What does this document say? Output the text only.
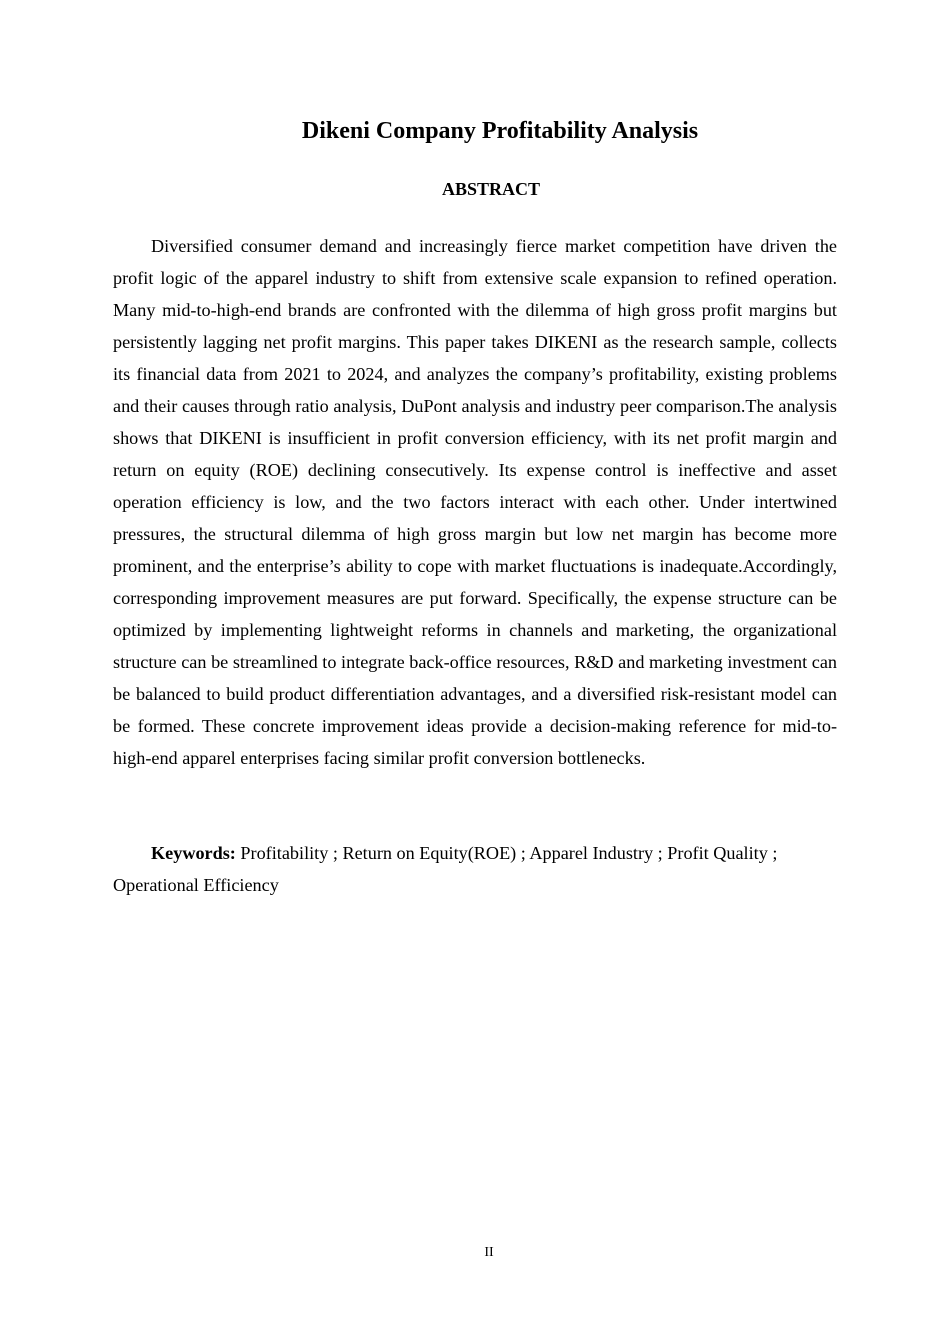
Dikeni Company Profitability Analysis
ABSTRACT

Diversified consumer demand and increasingly fierce market competition have driven the profit logic of the apparel industry to shift from extensive scale expansion to refined operation. Many mid-to-high-end brands are confronted with the dilemma of high gross profit margins but persistently lagging net profit margins. This paper takes DIKENI as the research sample, collects its financial data from 2021 to 2024, and analyzes the company’s profitability, existing problems and their causes through ratio analysis, DuPont analysis and industry peer comparison.The analysis shows that DIKENI is insufficient in profit conversion efficiency, with its net profit margin and return on equity (ROE) declining consecutively. Its expense control is ineffective and asset operation efficiency is low, and the two factors interact with each other. Under intertwined pressures, the structural dilemma of high gross margin but low net margin has become more prominent, and the enterprise’s ability to cope with market fluctuations is inadequate.Accordingly, corresponding improvement measures are put forward. Specifically, the expense structure can be optimized by implementing lightweight reforms in channels and marketing, the organizational structure can be streamlined to integrate back-office resources, R&D and marketing investment can be balanced to build product differentiation advantages, and a diversified risk-resistant model can be formed. These concrete improvement ideas provide a decision-making reference for mid-to-high-end apparel enterprises facing similar profit conversion bottlenecks.

Keywords: Profitability ; Return on Equity(ROE) ; Apparel Industry ; Profit Quality ; Operational Efficiency

II
